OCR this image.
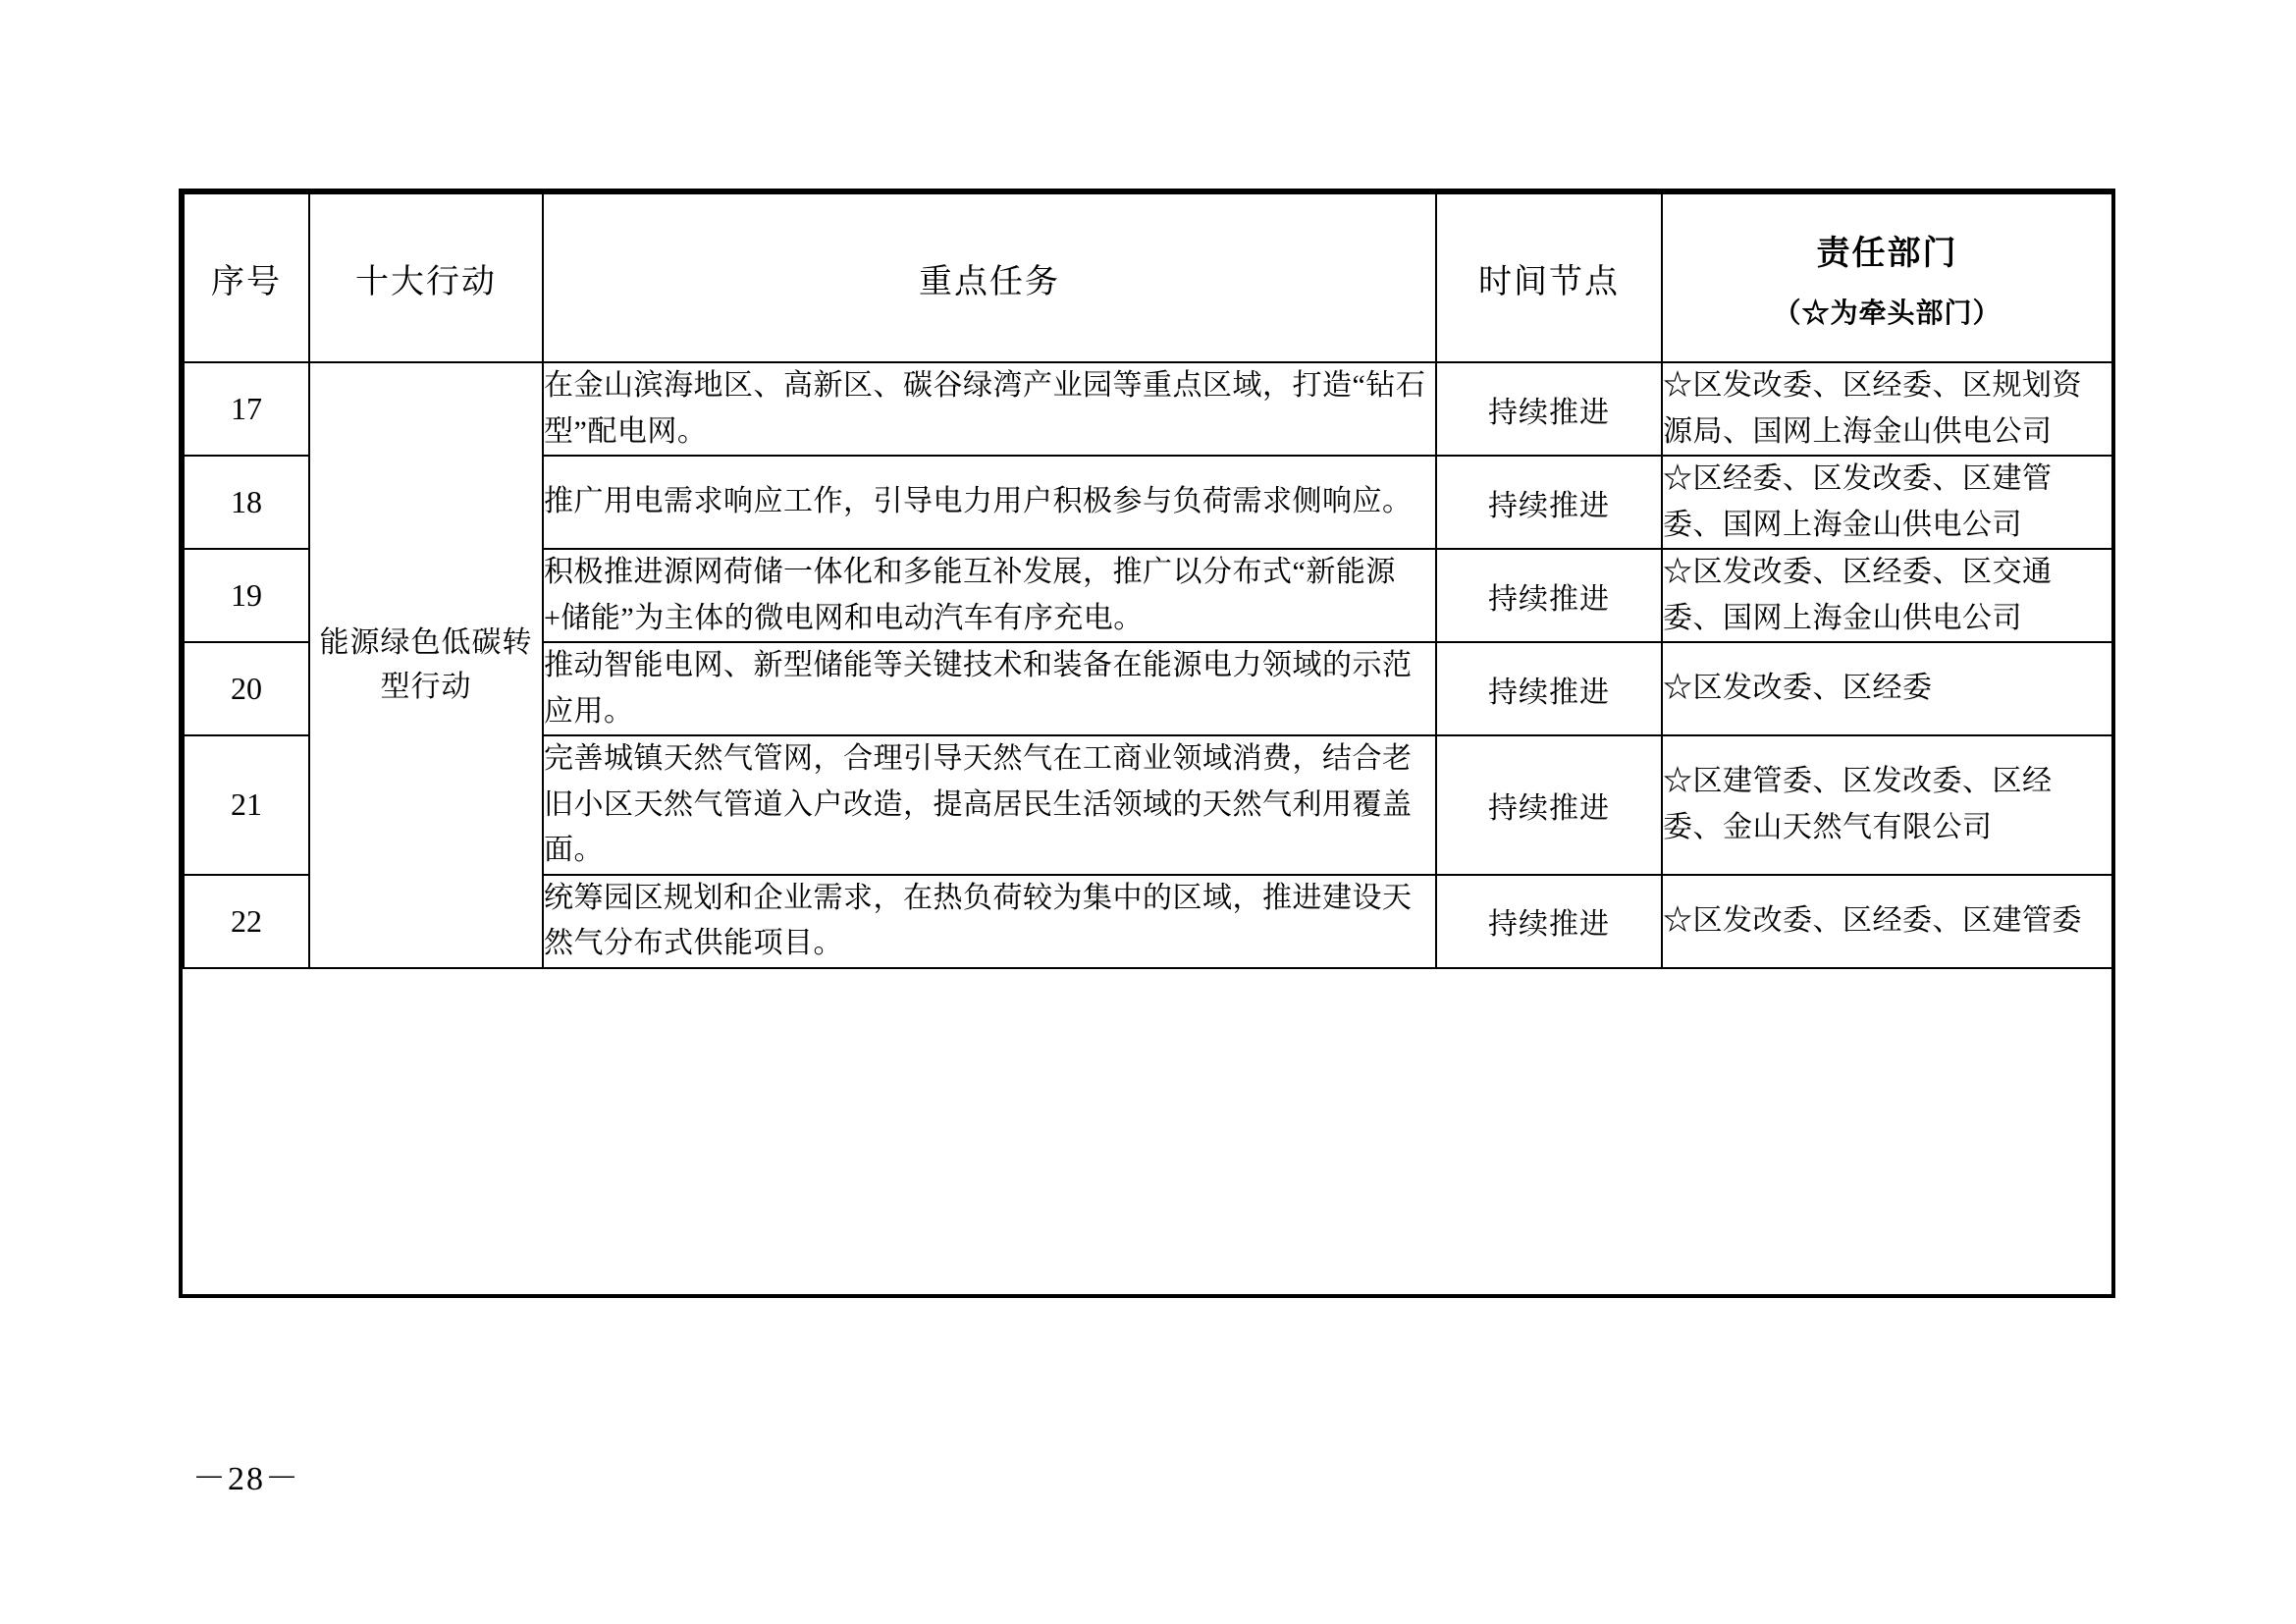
序号	十大行动	重点任务	时间节点	责任部门
（☆为牵头部门）

17	能源绿色低碳转型行动	在金山滨海地区、高新区、碳谷绿湾产业园等重点区域，打造“钻石型”配电网。	持续推进	☆区发改委、区经委、区规划资源局、国网上海金山供电公司
18		推广用电需求响应工作，引导电力用户积极参与负荷需求侧响应。	持续推进	☆区经委、区发改委、区建管委、国网上海金山供电公司
19		积极推进源网荷储一体化和多能互补发展，推广以分布式“新能源+储能”为主体的微电网和电动汽车有序充电。	持续推进	☆区发改委、区经委、区交通委、国网上海金山供电公司
20		推动智能电网、新型储能等关键技术和装备在能源电力领域的示范应用。	持续推进	☆区发改委、区经委
21		完善城镇天然气管网，合理引导天然气在工商业领域消费，结合老旧小区天然气管道入户改造，提高居民生活领域的天然气利用覆盖面。	持续推进	☆区建管委、区发改委、区经委、金山天然气有限公司
22		统筹园区规划和企业需求，在热负荷较为集中的区域，推进建设天然气分布式供能项目。	持续推进	☆区发改委、区经委、区建管委
－28－
